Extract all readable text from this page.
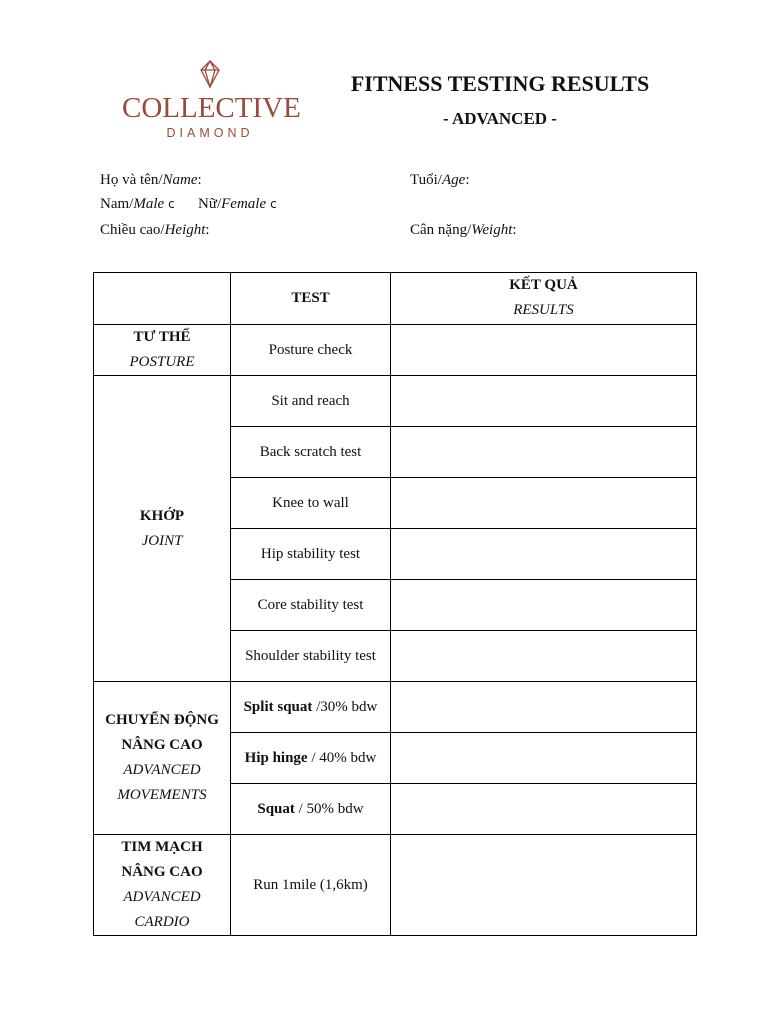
COLLECTIVE
DIAMOND
FITNESS TESTING RESULTS
- ADVANCED -
Họ và tên/Name:	Tuổi/Age:
Nam/Male c Nữ/Female c
Chiều cao/Height:	Cân nặng/Weight:
	TEST	KẾT QUẢ
RESULTS

TƯ THẾ
POSTURE	Posture check	

KHỚP
JOINT	Sit and reach	
	Back scratch test	
	Knee to wall	
	Hip stability test	
	Core stability test	
	Shoulder stability test	

CHUYỂN ĐỘNG
NÂNG CAO
ADVANCED
MOVEMENTS	Split squat /30% bdw	
	Hip hinge / 40% bdw	
	Squat / 50% bdw	

TIM MẠCH
NÂNG CAO
ADVANCED
CARDIO	Run 1mile (1,6km)	
